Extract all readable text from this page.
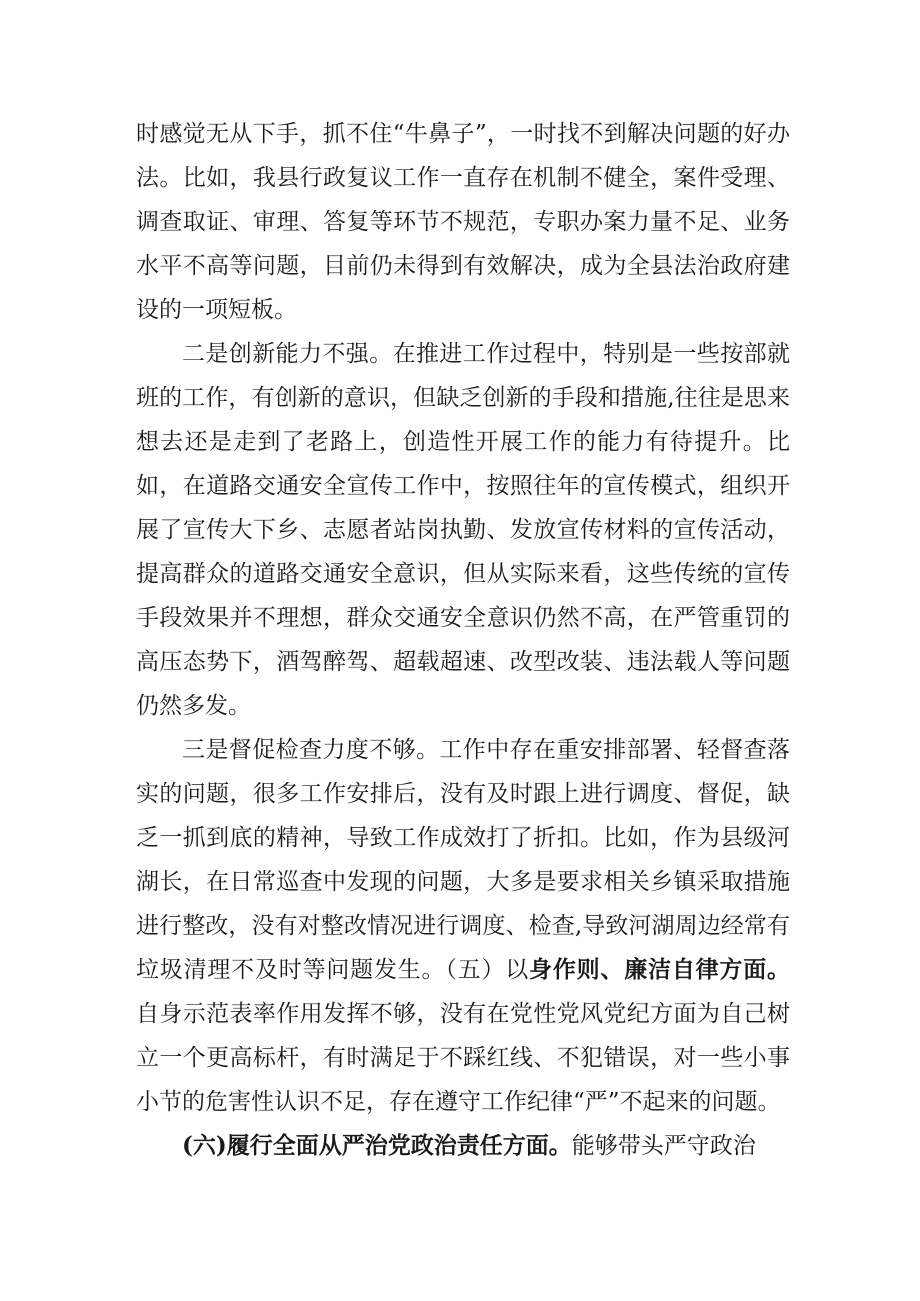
时感觉无从下手，抓不住“牛鼻子”，一时找不到解决问题的好办法。比如，我县行政复议工作一直存在机制不健全，案件受理、调查取证、审理、答复等环节不规范，专职办案力量不足、业务水平不高等问题，目前仍未得到有效解决，成为全县法治政府建设的一项短板。

二是创新能力不强。在推进工作过程中，特别是一些按部就班的工作，有创新的意识，但缺乏创新的手段和措施,往往是思来想去还是走到了老路上，创造性开展工作的能力有待提升。比如，在道路交通安全宣传工作中，按照往年的宣传模式，组织开展了宣传大下乡、志愿者站岗执勤、发放宣传材料的宣传活动，提高群众的道路交通安全意识，但从实际来看，这些传统的宣传手段效果并不理想，群众交通安全意识仍然不高，在严管重罚的高压态势下，酒驾醉驾、超载超速、改型改装、违法载人等问题仍然多发。

三是督促检查力度不够。工作中存在重安排部署、轻督查落实的问题，很多工作安排后，没有及时跟上进行调度、督促，缺乏一抓到底的精神，导致工作成效打了折扣。比如，作为县级河湖长，在日常巡查中发现的问题，大多是要求相关乡镇采取措施进行整改，没有对整改情况进行调度、检查,导致河湖周边经常有垃圾清理不及时等问题发生。（五）以身作则、廉洁自律方面。自身示范表率作用发挥不够，没有在党性党风党纪方面为自己树立一个更高标杆，有时满足于不踩红线、不犯错误，对一些小事小节的危害性认识不足，存在遵守工作纪律“严”不起来的问题。

(六)履行全面从严治党政治责任方面。能够带头严守政治
